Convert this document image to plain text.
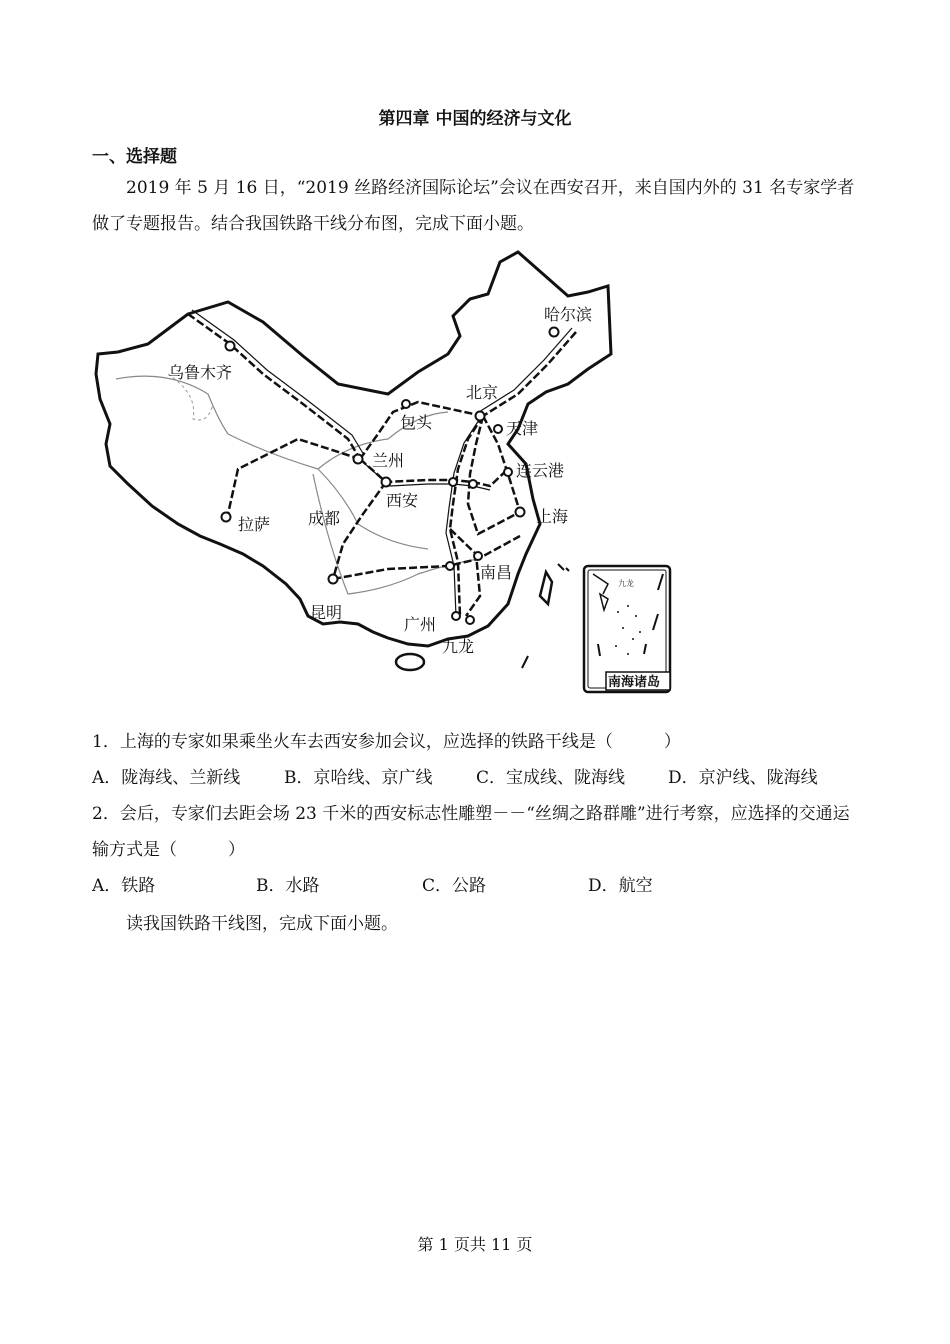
第四章 中国的经济与文化
一、选择题
2019 年 5 月 16 日，“2019 丝路经济国际论坛”会议在西安召开，来自国内外的 31 名专家学者做了专题报告。结合我国铁路干线分布图，完成下面小题。
哈尔滨
乌鲁木齐
北京
包头	天津
兰州
连云港
西安
拉萨 成都	上海
南昌
昆明
广州
九龙
九龙
南海诸岛
1．上海的专家如果乘坐火车去西安参加会议，应选择的铁路干线是（　　　）
A．陇海线、兰新线	B．京哈线、京广线	C．宝成线、陇海线	D．京沪线、陇海线
2．会后，专家们去距会场 23 千米的西安标志性雕塑－－“丝绸之路群雕”进行考察，应选择的交通运输方式是（　　　）
A．铁路	B．水路	C．公路	D．航空
读我国铁路干线图，完成下面小题。
第 1 页共 11 页
